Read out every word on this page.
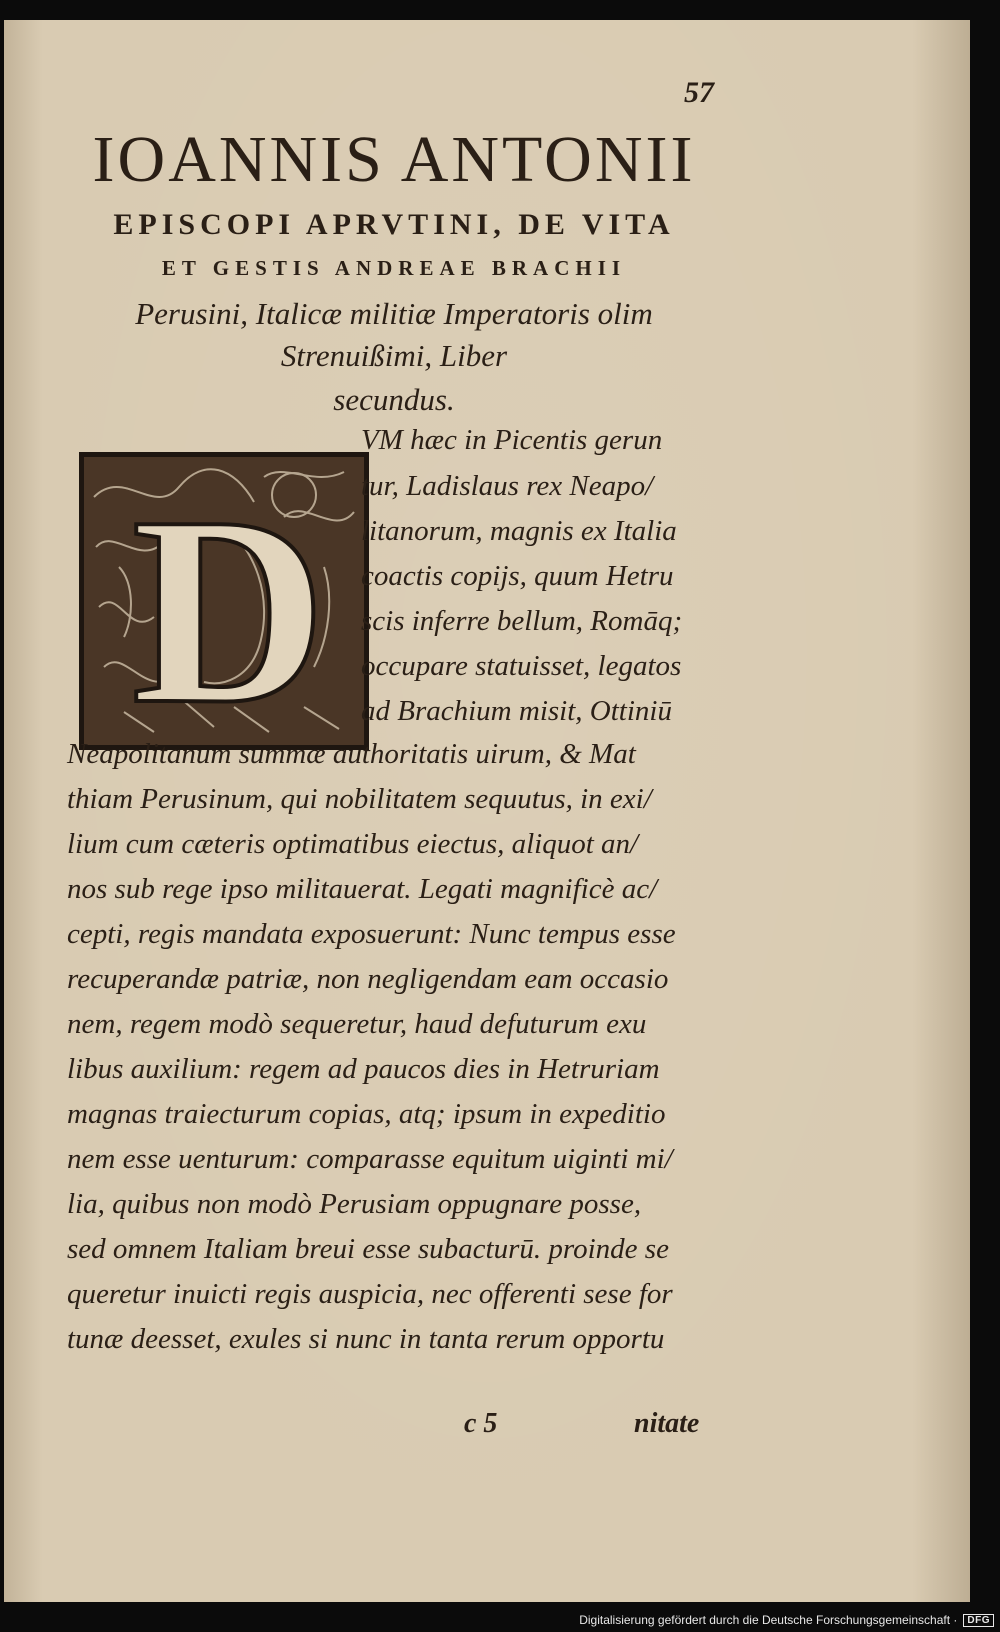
57
IOANNIS ANTONII
EPISCOPI APRVTINI, DE VITA
ET GESTIS ANDREAE BRACHII
Perusini, Italicæ militiæ Imperatoris olim
Strenuißimi, Liber
secundus.
D
VM hæc in Picentis gerun
tur, Ladislaus rex Neapo/
litanorum, magnis ex Italia
coactis copijs, quum Hetru
scis inferre bellum, Romāq;
occupare statuisset, legatos
ad Brachium misit, Ottiniū
Neapolitanum summæ authoritatis uirum, & Mat
thiam Perusinum, qui nobilitatem sequutus, in exi/
lium cum cæteris optimatibus eiectus, aliquot an/
nos sub rege ipso militauerat. Legati magnificè ac/
cepti, regis mandata exposuerunt: Nunc tempus esse
recuperandæ patriæ, non negligendam eam occasio
nem, regem modò sequeretur, haud defuturum exu
libus auxilium: regem ad paucos dies in Hetruriam
magnas traiecturum copias, atq; ipsum in expeditio
nem esse uenturum: comparasse equitum uiginti mi/
lia, quibus non modò Perusiam oppugnare posse,
sed omnem Italiam breui esse subacturū. proinde se
queretur inuicti regis auspicia, nec offerenti sese for
tunæ deesset, exules si nunc in tanta rerum opportu
c 5	nitate
Digitalisierung gefördert durch die Deutsche Forschungsgemeinschaft ·	DFG
